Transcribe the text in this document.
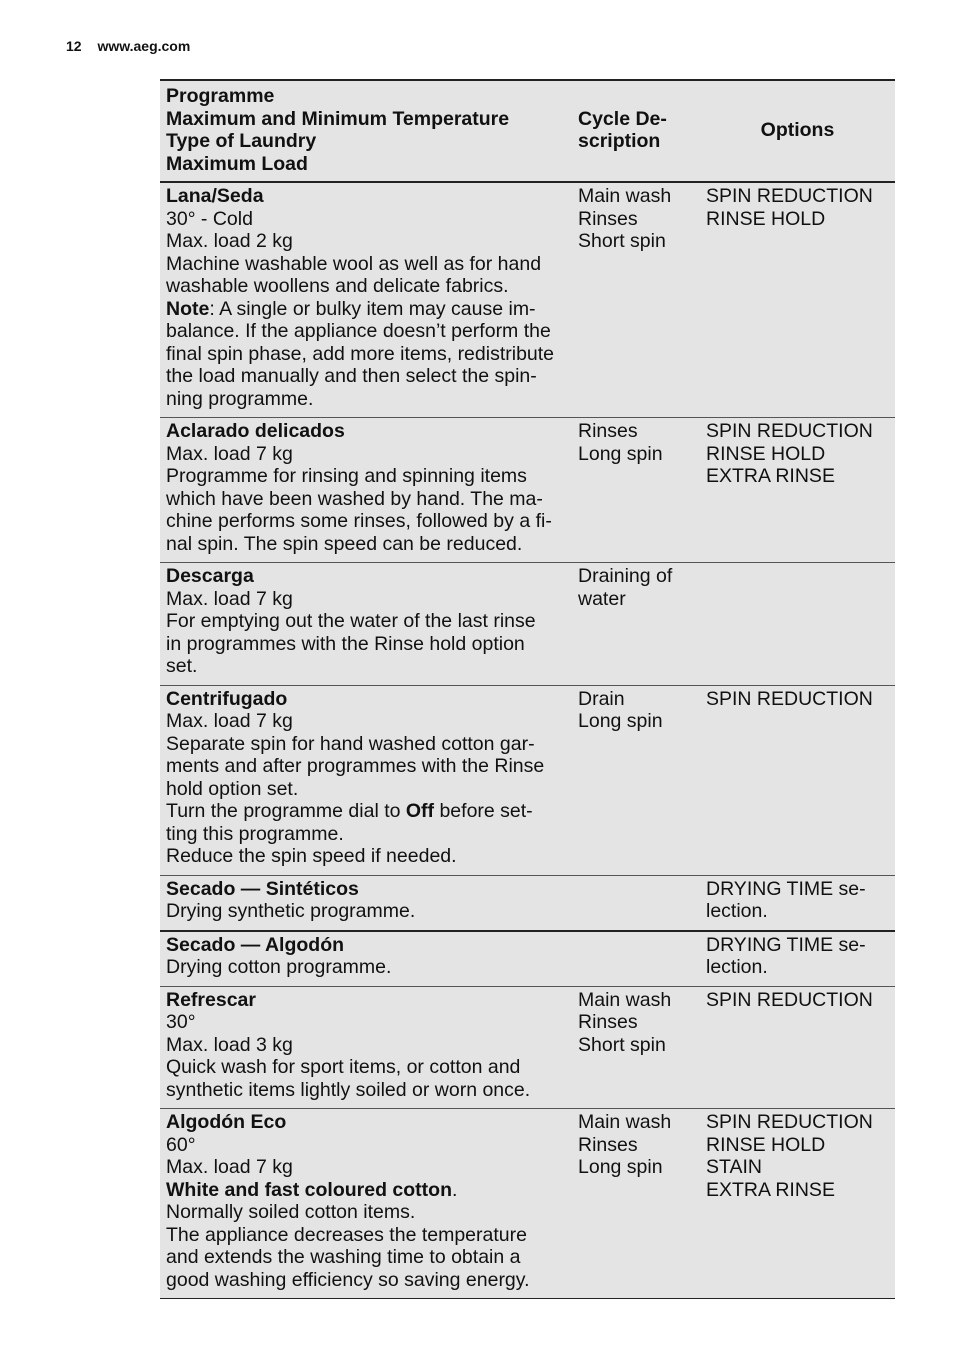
12 www.aeg.com
Programme
Maximum and Minimum Temperature
Type of Laundry
Maximum Load
Cycle De-
scription
Options
Lana/Seda
30° - Cold
Max. load 2 kg
Machine washable wool as well as for hand
washable woollens and delicate fabrics.
Note: A single or bulky item may cause im-
balance. If the appliance doesn’t perform the
final spin phase, add more items, redistribute
the load manually and then select the spin-
ning programme.
Main wash
Rinses
Short spin
SPIN REDUCTION
RINSE HOLD
Aclarado delicados
Max. load 7 kg
Programme for rinsing and spinning items
which have been washed by hand. The ma-
chine performs some rinses, followed by a fi-
nal spin. The spin speed can be reduced.
Rinses
Long spin
SPIN REDUCTION
RINSE HOLD
EXTRA RINSE
Descarga
Max. load 7 kg
For emptying out the water of the last rinse
in programmes with the Rinse hold option
set.
Draining of
water
Centrifugado
Max. load 7 kg
Separate spin for hand washed cotton gar-
ments and after programmes with the Rinse
hold option set.
Turn the programme dial to Off before set-
ting this programme.
Reduce the spin speed if needed.
Drain
Long spin
SPIN REDUCTION
Secado — Sintéticos
Drying synthetic programme.
DRYING TIME se-
lection.
Secado — Algodón
Drying cotton programme.
DRYING TIME se-
lection.
Refrescar
30°
Max. load 3 kg
Quick wash for sport items, or cotton and
synthetic items lightly soiled or worn once.
Main wash
Rinses
Short spin
SPIN REDUCTION
Algodón Eco
60°
Max. load 7 kg
White and fast coloured cotton.
Normally soiled cotton items.
The appliance decreases the temperature
and extends the washing time to obtain a
good washing efficiency so saving energy.
Main wash
Rinses
Long spin
SPIN REDUCTION
RINSE HOLD
STAIN
EXTRA RINSE
